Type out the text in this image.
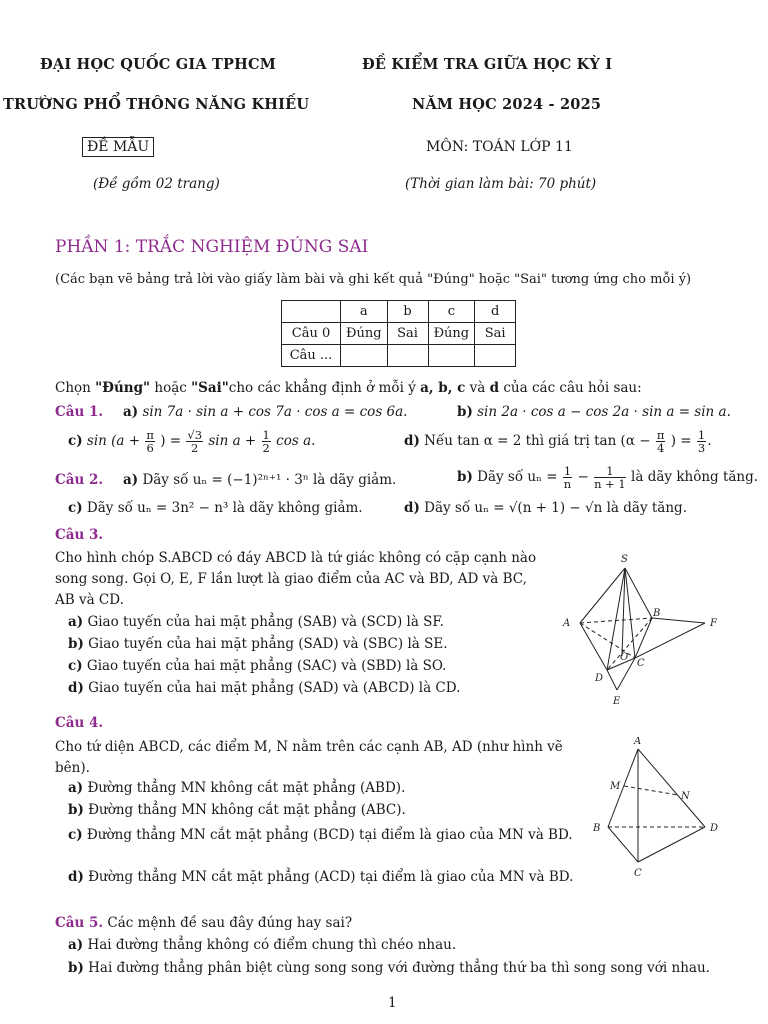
ĐẠI HỌC QUỐC GIA TPHCM
TRƯỜNG PHỔ THÔNG NĂNG KHIẾU
ĐỀ KIỂM TRA GIỮA HỌC KỲ I
NĂM HỌC 2024 - 2025
ĐỀ MẪU	MÔN: TOÁN LỚP 11
(Đề gồm 02 trang)	(Thời gian làm bài: 70 phút)
PHẦN 1: TRẮC NGHIỆM ĐÚNG SAI
(Các bạn vẽ bảng trả lời vào giấy làm bài và ghi kết quả "Đúng" hoặc "Sai" tương ứng cho mỗi ý)
	a	b	c	d
Câu 0	Đúng	Sai	Đúng	Sai
Câu ...				
Chọn "Đúng" hoặc "Sai"cho các khẳng định ở mỗi ý a, b, c và d của các câu hỏi sau:
Câu 1. a) sin 7a · sin a + cos 7a · cos a = cos 6a.	b) sin 2a · cos a − cos 2a · sin a = sin a.
c) $\sin (a + \frac{\pi}{6}$ ) = $\frac{√3}{2}$ $\sin a + \frac{1}{2}$ cos a.	d) Nếu tan α = 2 thì giá trị $\tan (\alpha - \frac{\pi}{4}$ ) = $\frac{1}{3}$ .
Câu 2. a) Dãy số uₙ = (−1)²ⁿ⁺¹ · 3ⁿ là dãy giảm.	b) Dãy số $u_n = \frac{1}{n} - \frac{1}{n + 1}$ là dãy không tăng.
c) Dãy số uₙ = 3n² − n³ là dãy không giảm.	d) Dãy số uₙ = √(n + 1) − √n là dãy tăng.
Câu 3.
Cho hình chóp S.ABCD có đáy ABCD là tứ giác không có cặp cạnh nào song song. Gọi O, E, F lần lượt là giao điểm của AC và BD, AD và BC, AB và CD.
a) Giao tuyến của hai mặt phẳng (SAB) và (SCD) là SF.
b) Giao tuyến của hai mặt phẳng (SAD) và (SBC) là SE.
c) Giao tuyến của hai mặt phẳng (SAC) và (SBD) là SO.
d) Giao tuyến của hai mặt phẳng (SAD) và (ABCD) là CD.
S
A
B
C
D
E
F
O
Câu 4.
Cho tứ diện ABCD, các điểm M, N nằm trên các cạnh AB, AD (như hình vẽ bên).
a) Đường thẳng MN không cắt mặt phẳng (ABD).
b) Đường thẳng MN không cắt mặt phẳng (ABC).
c) Đường thẳng MN cắt mặt phẳng (BCD) tại điểm là giao của MN và BD.
d) Đường thẳng MN cắt mặt phẳng (ACD) tại điểm là giao của MN và BD.
A
B
C
D
M
N
Câu 5. Các mệnh đề sau đây đúng hay sai?
a) Hai đường thẳng không có điểm chung thì chéo nhau.
b) Hai đường thẳng phân biệt cùng song song với đường thẳng thứ ba thì song song với nhau.
1
